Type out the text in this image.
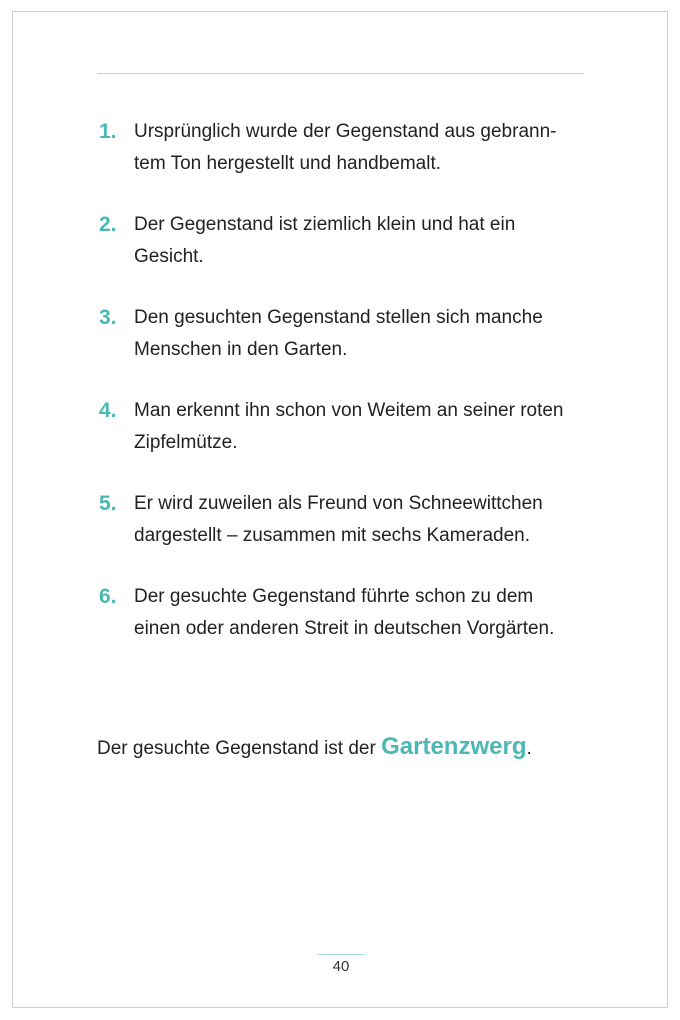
1. Ursprünglich wurde der Gegenstand aus gebrann-
tem Ton hergestellt und handbemalt.
2. Der Gegenstand ist ziemlich klein und hat ein
Gesicht.
3. Den gesuchten Gegenstand stellen sich manche
Menschen in den Garten.
4. Man erkennt ihn schon von Weitem an seiner roten
Zipfelmütze.
5. Er wird zuweilen als Freund von Schneewittchen
dargestellt – zusammen mit sechs Kameraden.
6. Der gesuchte Gegenstand führte schon zu dem
einen oder anderen Streit in deutschen Vorgärten.

Der gesuchte Gegenstand ist der Gartenzwerg.

40
